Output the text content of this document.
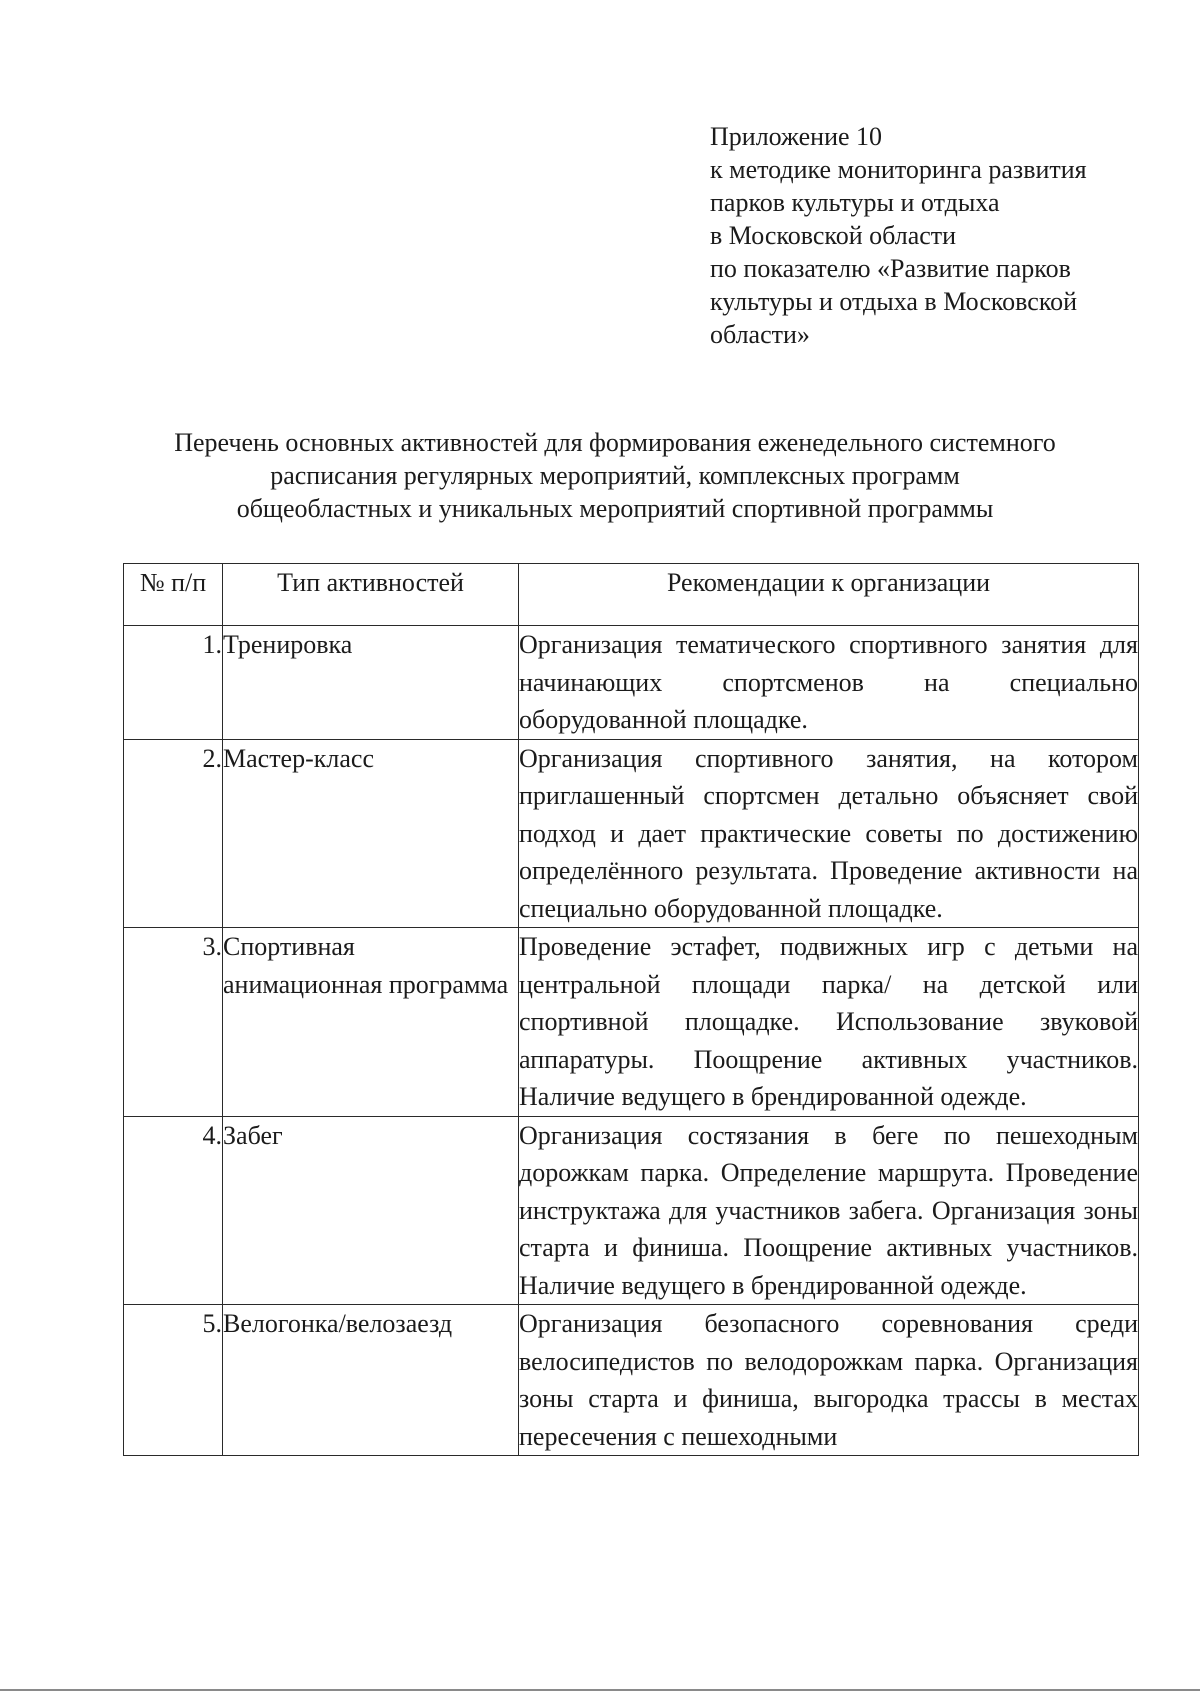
Приложение 10
к методике мониторинга развития
парков культуры и отдыха
в Московской области
по показателю «Развитие парков
культуры и отдыха в Московской
области»
Перечень основных активностей для формирования еженедельного системного
расписания регулярных мероприятий, комплексных программ
общеобластных и уникальных мероприятий спортивной программы
№ п/п	Тип активностей	Рекомендации к организации
1.	Тренировка	Организация тематического спортивного занятия для начинающих спортсменов на специально оборудованной площадке.
2.	Мастер-класс	Организация спортивного занятия, на котором приглашенный спортсмен детально объясняет свой подход и дает практические советы по достижению определённого результата. Проведение активности на специально оборудованной площадке.
3.	Спортивная анимационная программа	Проведение эстафет, подвижных игр с детьми на центральной площади парка/ на детской или спортивной площадке. Использование звуковой аппаратуры. Поощрение активных участников. Наличие ведущего в брендированной одежде.
4.	Забег	Организация состязания в беге по пешеходным дорожкам парка. Определение маршрута. Проведение инструктажа для участников забега. Организация зоны старта и финиша. Поощрение активных участников. Наличие ведущего в брендированной одежде.
5.	Велогонка/велозаезд	Организация безопасного соревнования среди велосипедистов по велодорожкам парка. Организация зоны старта и финиша, выгородка трассы в местах пересечения с пешеходными
